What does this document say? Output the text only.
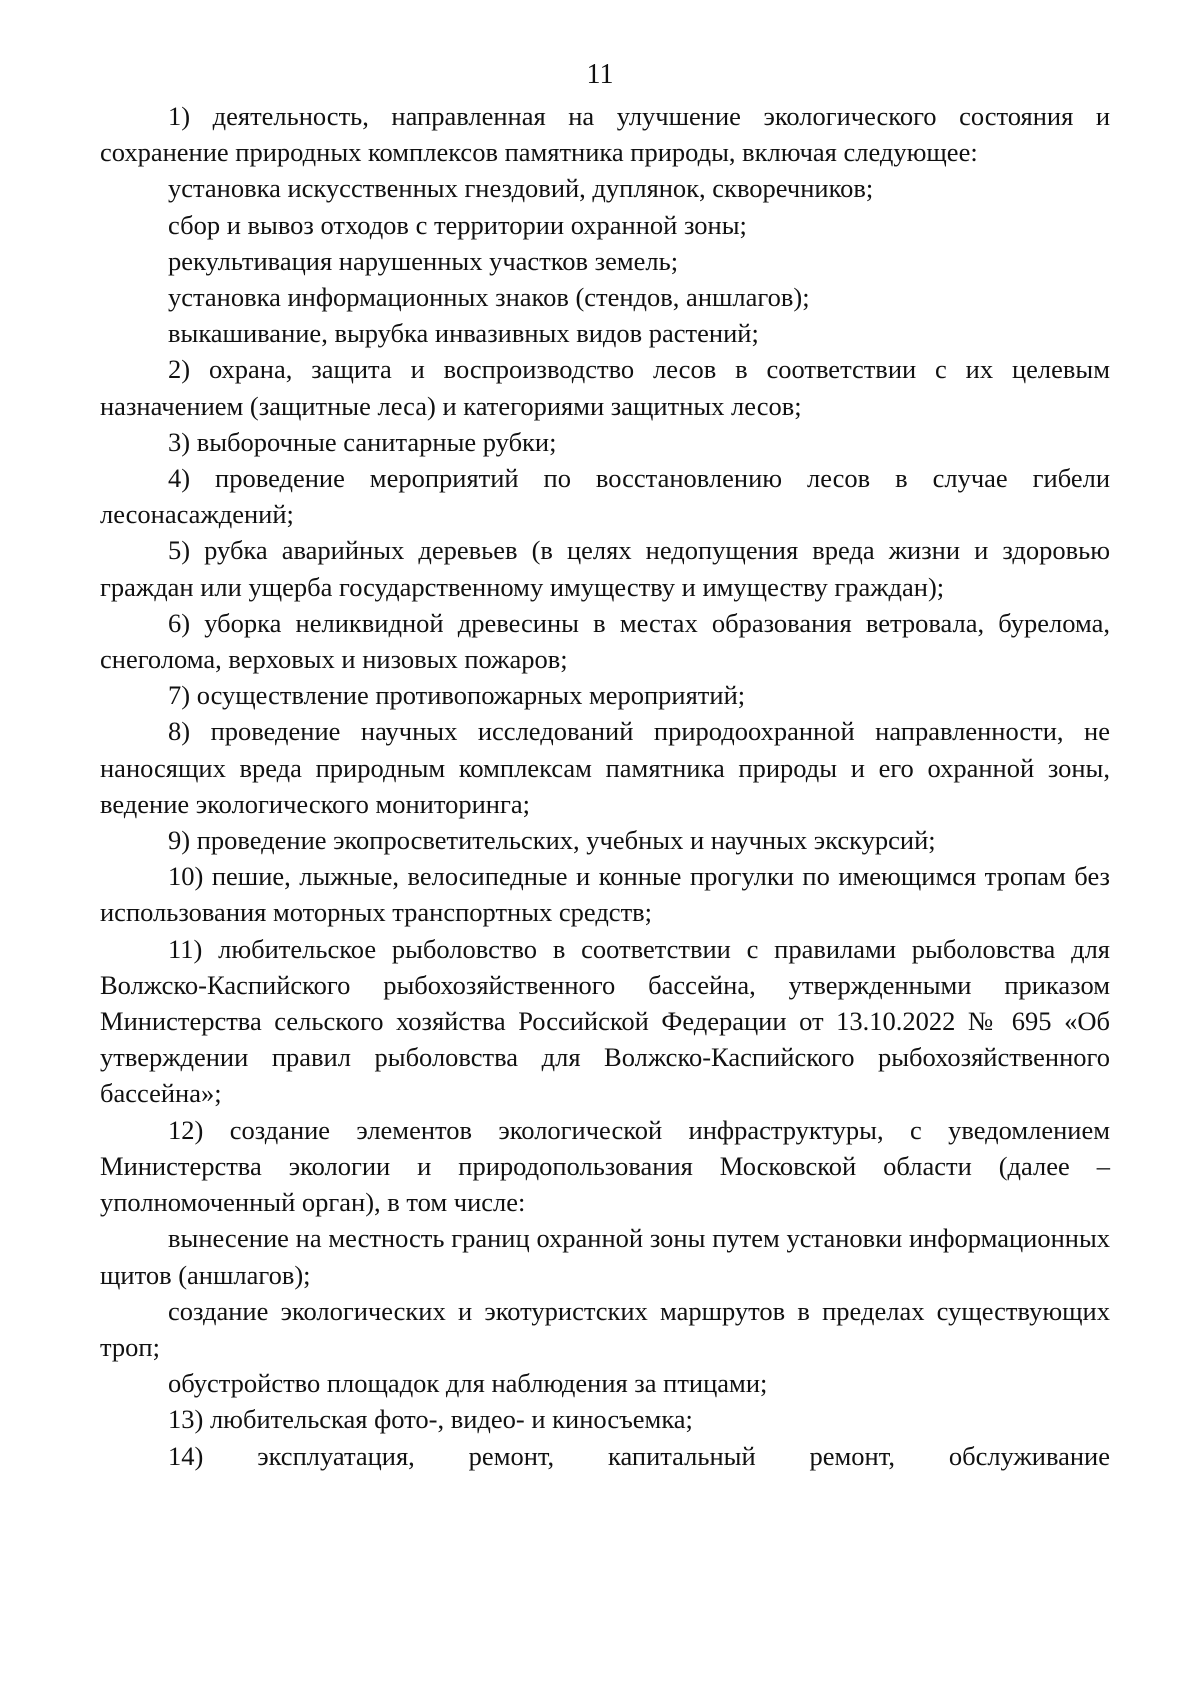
11

1) деятельность, направленная на улучшение экологического состояния и сохранение природных комплексов памятника природы, включая следующее:

установка искусственных гнездовий, дуплянок, скворечников;

сбор и вывоз отходов с территории охранной зоны;

рекультивация нарушенных участков земель;

установка информационных знаков (стендов, аншлагов);

выкашивание, вырубка инвазивных видов растений;

2) охрана, защита и воспроизводство лесов в соответствии с их целевым назначением (защитные леса) и категориями защитных лесов;

3) выборочные санитарные рубки;

4) проведение мероприятий по восстановлению лесов в случае гибели лесонасаждений;

5) рубка аварийных деревьев (в целях недопущения вреда жизни и здоровью граждан или ущерба государственному имуществу и имуществу граждан);

6) уборка неликвидной древесины в местах образования ветровала, бурелома, снеголома, верховых и низовых пожаров;

7) осуществление противопожарных мероприятий;

8) проведение научных исследований природоохранной направленности, не наносящих вреда природным комплексам памятника природы и его охранной зоны, ведение экологического мониторинга;

9) проведение экопросветительских, учебных и научных экскурсий;

10) пешие, лыжные, велосипедные и конные прогулки по имеющимся тропам без использования моторных транспортных средств;

11) любительское рыболовство в соответствии с правилами рыболовства для Волжско-Каспийского рыбохозяйственного бассейна, утвержденными приказом Министерства сельского хозяйства Российской Федерации от 13.10.2022 № 695 «Об утверждении правил рыболовства для Волжско-Каспийского рыбохозяйственного бассейна»;

12) создание элементов экологической инфраструктуры, с уведомлением Министерства экологии и природопользования Московской области (далее – уполномоченный орган), в том числе:

вынесение на местность границ охранной зоны путем установки информационных щитов (аншлагов);

создание экологических и экотуристских маршрутов в пределах существующих троп;

обустройство площадок для наблюдения за птицами;

13) любительская фото-, видео- и киносъемка;

14) эксплуатация, ремонт, капитальный ремонт, обслуживание
